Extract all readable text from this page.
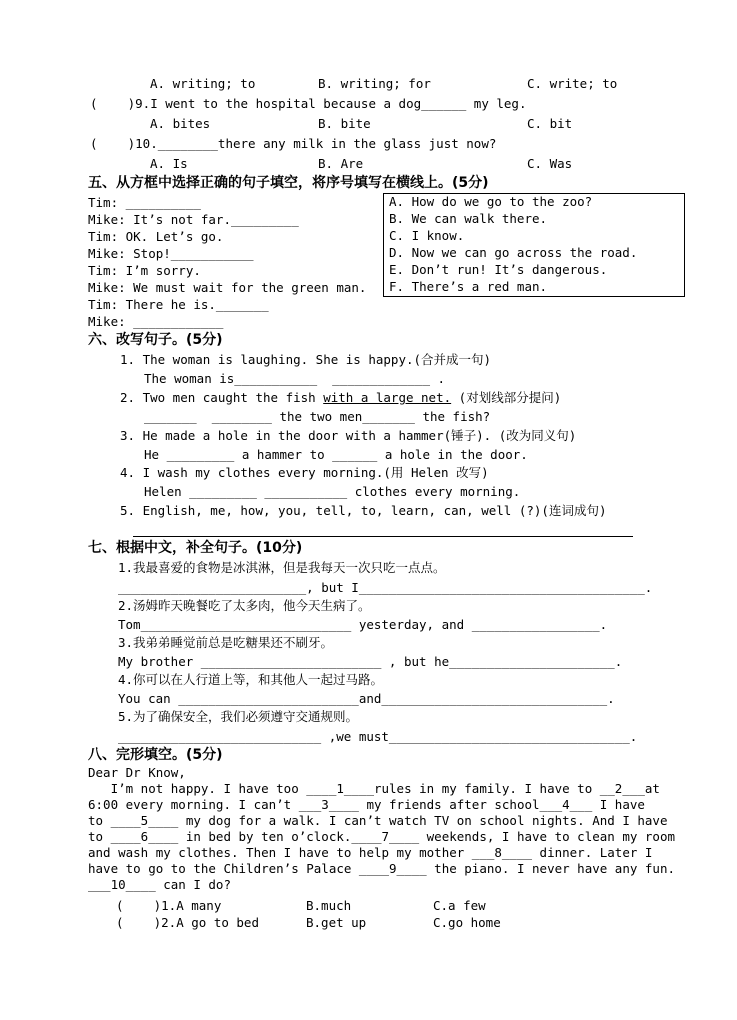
A. writing; to	B. writing; for	C. write; to
(    )9.I went to the hospital because a dog______ my leg.
A. bites	B. bite	C. bit
(    )10.________there any milk in the glass just now?
A. Is	B. Are	C. Was
五、从方框中选择正确的句子填空，将序号填写在横线上。(5分)
Tim: __________
Mike: It’s not far._________
Tim: OK. Let’s go.
Mike: Stop!___________
Tim: I’m sorry.
Mike: We must wait for the green man.
Tim: There he is._______
Mike: ____________
A. How do we go to the zoo?
B. We can walk there.
C. I know.
D. Now we can go across the road.
E. Don’t run! It’s dangerous.
F. There’s a red man.
六、改写句子。(5分)
1. The woman is laughing. She is happy.(合并成一句)
The woman is___________  _____________ .
2. Two men caught the fish with a large net. (对划线部分提问)
_______  ________ the two men_______ the fish?
3. He made a hole in the door with a hammer(锤子). (改为同义句)
He _________ a hammer to ______ a hole in the door.
4. I wash my clothes every morning.(用 Helen 改写)
Helen _________ ___________ clothes every morning.
5. English, me, how, you, tell, to, learn, can, well (?)(连词成句)
七、根据中文，补全句子。(10分)
1.我最喜爱的食物是冰淇淋，但是我每天一次只吃一点点。
_________________________, but I______________________________________.
2.汤姆昨天晚餐吃了太多肉，他今天生病了。
Tom____________________________ yesterday, and _________________.
3.我弟弟睡觉前总是吃糖果还不刷牙。
My brother ________________________ , but he______________________.
4.你可以在人行道上等，和其他人一起过马路。
You can ________________________and______________________________.
5.为了确保安全，我们必须遵守交通规则。
___________________________ ,we must________________________________.
八、完形填空。(5分)
Dear Dr Know,
I’m not happy. I have too ____1____rules in my family. I have to __2___at
6:00 every morning. I can’t ___3____ my friends after school___4___ I have
to ____5____ my dog for a walk. I can’t watch TV on school nights. And I have
to ____6____ in bed by ten o’clock.____7____ weekends, I have to clean my room
and wash my clothes. Then I have to help my mother ___8____ dinner. Later I
have to go to the Children’s Palace ____9____ the piano. I never have any fun.
___10____ can I do?
(    )1.A many	B.much	C.a few
(    )2.A go to bed	B.get up	C.go home
